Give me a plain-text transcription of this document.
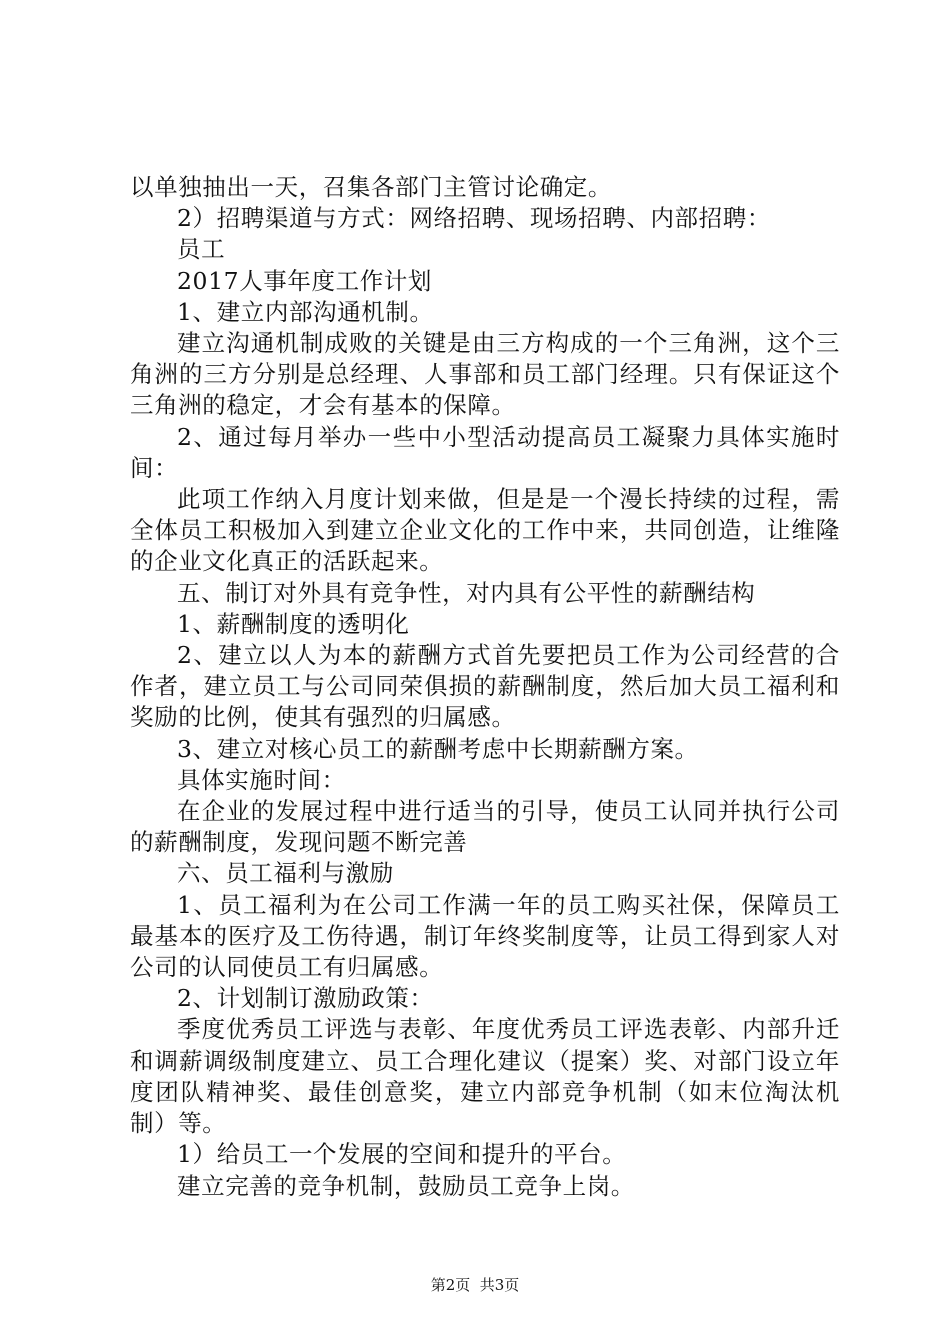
以单独抽出一天，召集各部门主管讨论确定。

2）招聘渠道与方式：网络招聘、现场招聘、内部招聘：

员工

2017人事年度工作计划

1、建立内部沟通机制。

建立沟通机制成败的关键是由三方构成的一个三角洲，这个三角洲的三方分别是总经理、人事部和员工部门经理。只有保证这个三角洲的稳定，才会有基本的保障。

2、通过每月举办一些中小型活动提高员工凝聚力具体实施时间：

此项工作纳入月度计划来做，但是是一个漫长持续的过程，需全体员工积极加入到建立企业文化的工作中来，共同创造，让维隆的企业文化真正的活跃起来。

五、制订对外具有竞争性，对内具有公平性的薪酬结构

1、薪酬制度的透明化

2、建立以人为本的薪酬方式首先要把员工作为公司经营的合作者，建立员工与公司同荣俱损的薪酬制度，然后加大员工福利和奖励的比例，使其有强烈的归属感。

3、建立对核心员工的薪酬考虑中长期薪酬方案。

具体实施时间：

在企业的发展过程中进行适当的引导，使员工认同并执行公司的薪酬制度，发现问题不断完善

六、员工福利与激励

1、员工福利为在公司工作满一年的员工购买社保，保障员工最基本的医疗及工伤待遇，制订年终奖制度等，让员工得到家人对公司的认同使员工有归属感。

2、计划制订激励政策：

季度优秀员工评选与表彰、年度优秀员工评选表彰、内部升迁和调薪调级制度建立、员工合理化建议（提案）奖、对部门设立年度团队精神奖、最佳创意奖，建立内部竞争机制（如末位淘汰机制）等。

1）给员工一个发展的空间和提升的平台。

建立完善的竞争机制，鼓励员工竞争上岗。

第2页  共3页
